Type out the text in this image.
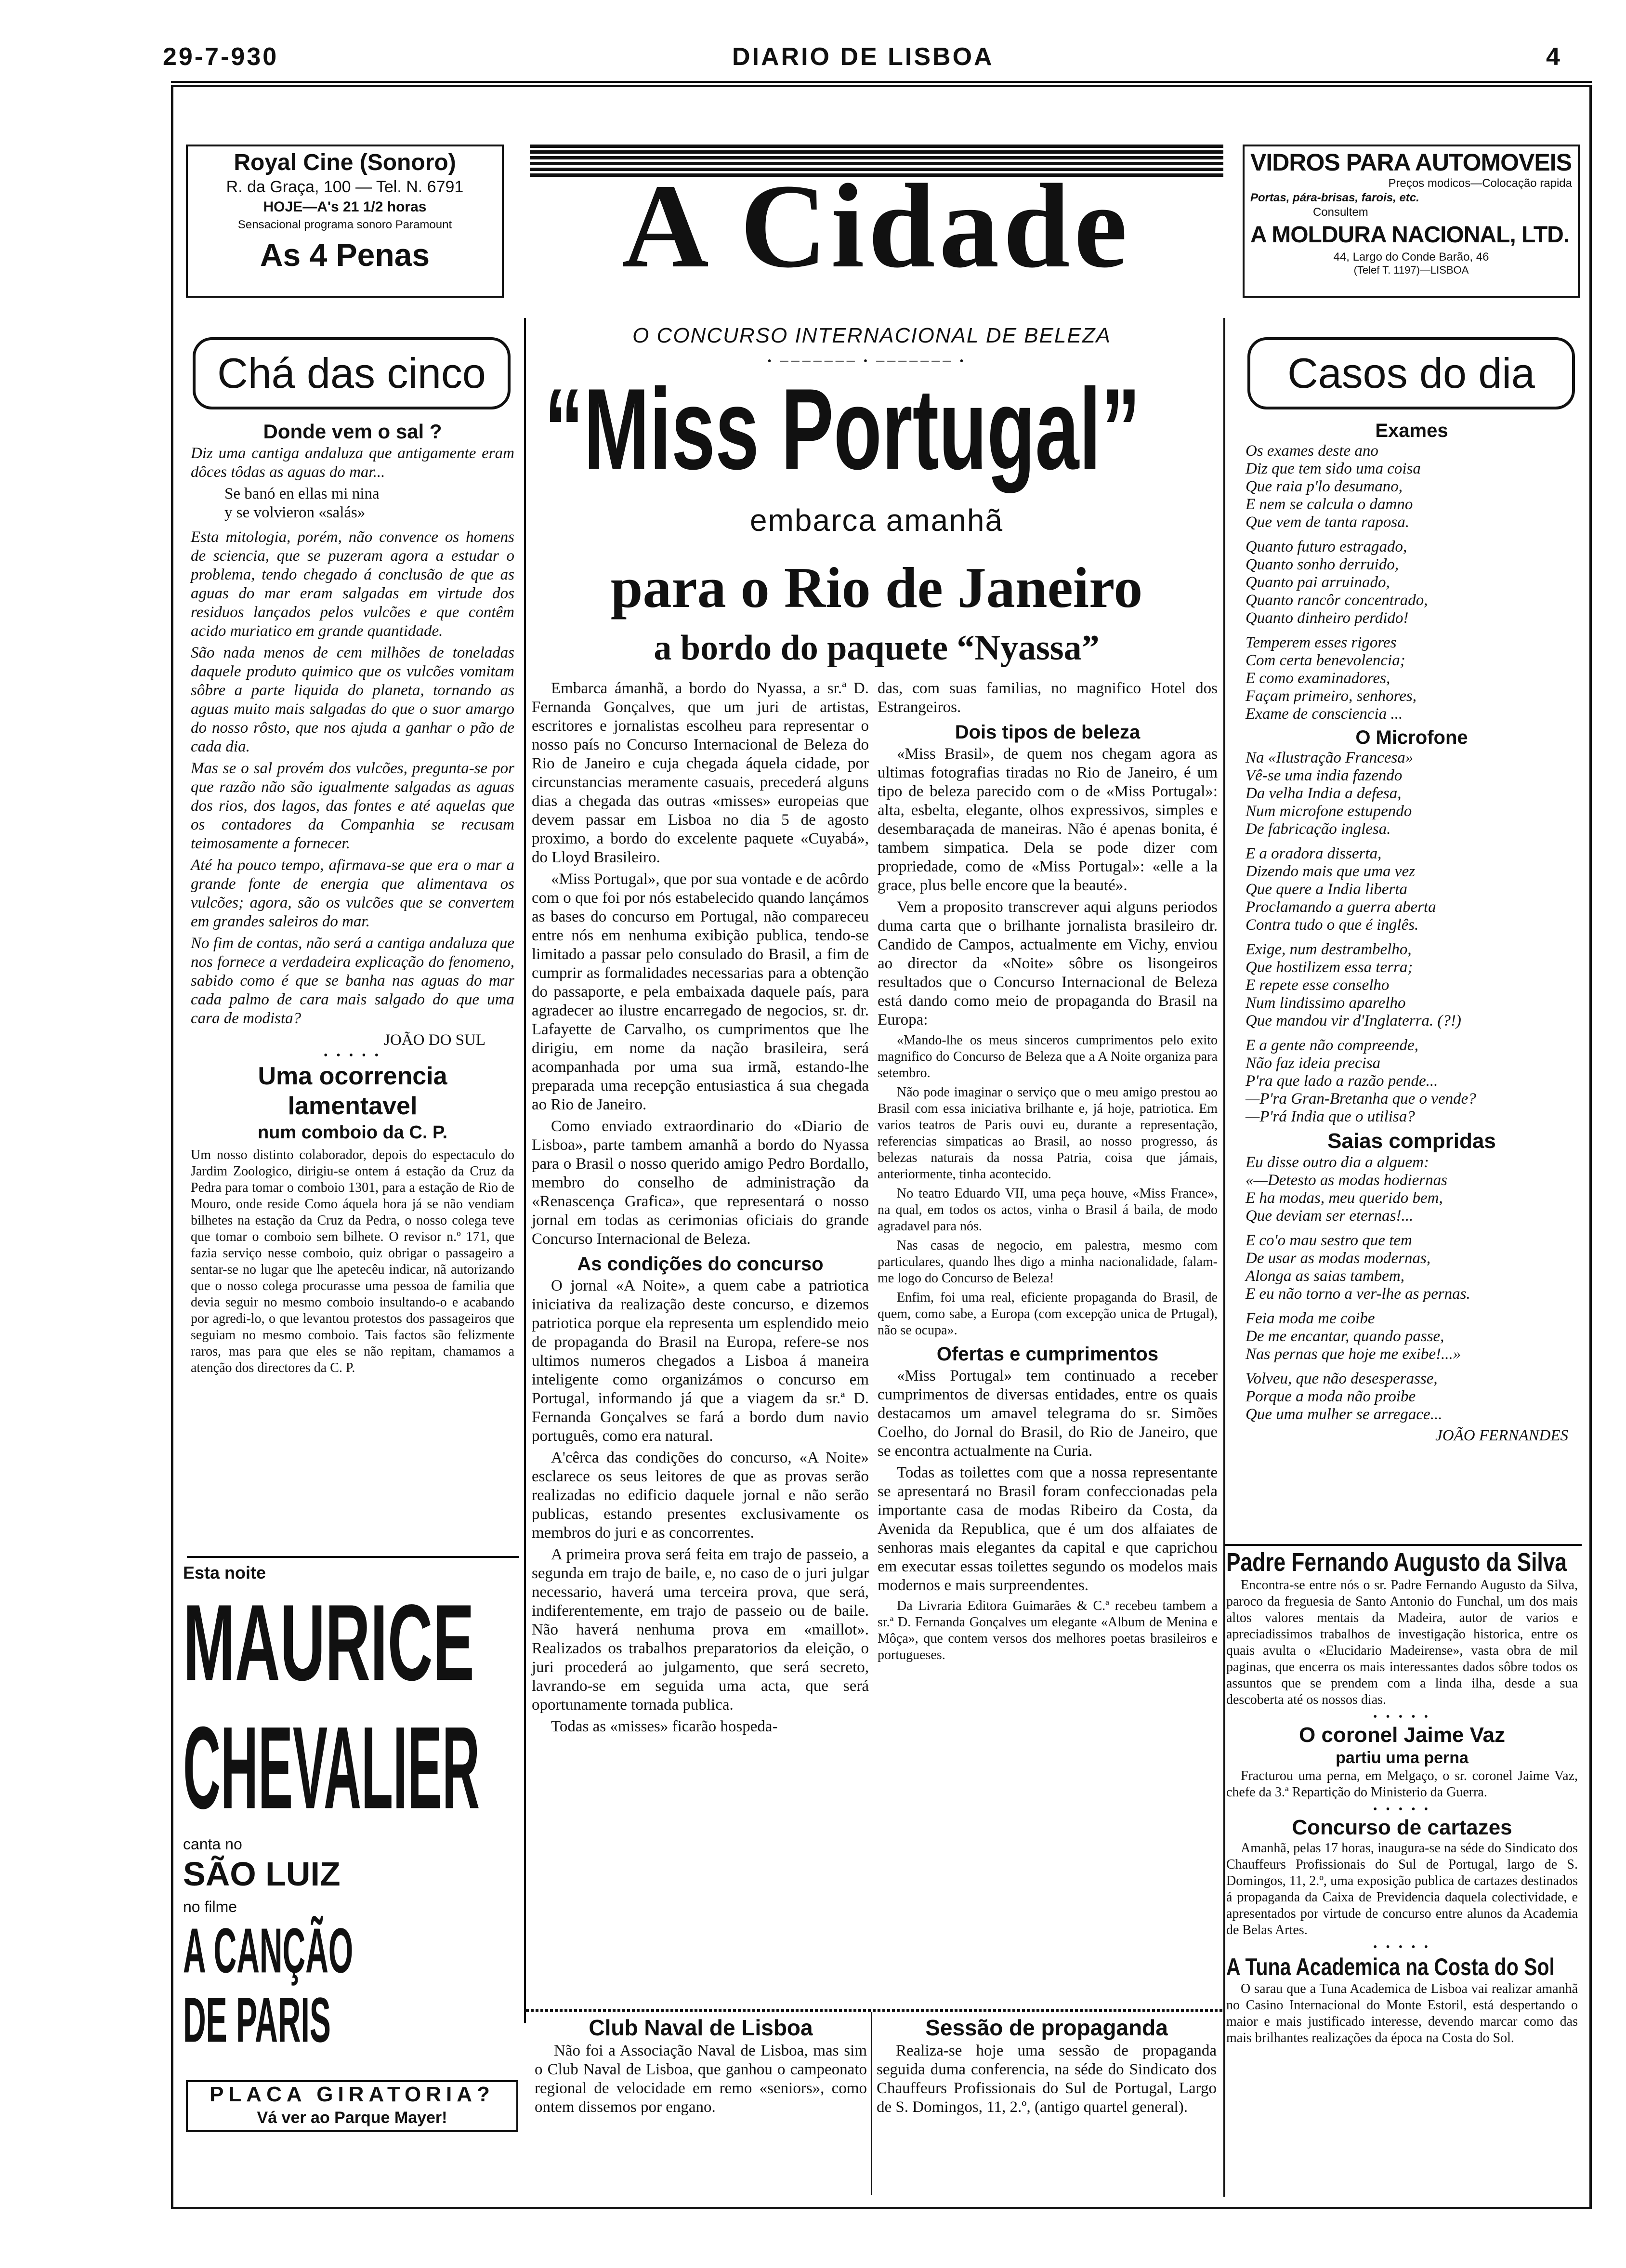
29-7-930	DIARIO DE LISBOA	4
Royal Cine (Sonoro)
R. da Graça, 100 — Tel. N. 6791
HOJE—A's 21 1/2 horas
Sensacional programa sonoro Paramount
As 4 Penas	A Cidade	VIDROS PARA AUTOMOVEIS
Preços modicos—Colocação rapida
Portas, pára-brisas, farois, etc.
Consultem
A MOLDURA NACIONAL, LTD.
44, Largo do Conde Barão, 46
(Telef T. 1197)—LISBOA
Chá das cinco
Donde vem o sal ?

Diz uma cantiga andaluza que antigamente eram dôces tôdas as aguas do mar...

Se banó en ellas mi nina
y se volvieron «salás»

Esta mitologia, porém, não convence os homens de sciencia, que se puzeram agora a estudar o problema, tendo chegado á conclusão de que as aguas do mar eram salgadas em virtude dos residuos lançados pelos vulcões e que contêm acido muriatico em grande quantidade.

São nada menos de cem milhões de toneladas daquele produto quimico que os vulcões vomitam sôbre a parte liquida do planeta, tornando as aguas muito mais salgadas do que o suor amargo do nosso rôsto, que nos ajuda a ganhar o pão de cada dia.

Mas se o sal provém dos vulcões, pregunta-se por que razão não são igualmente salgadas as aguas dos rios, dos lagos, das fontes e até aquelas que os contadores da Companhia se recusam teimosamente a fornecer.

Até ha pouco tempo, afirmava-se que era o mar a grande fonte de energia que alimentava os vulcões; agora, são os vulcões que se convertem em grandes saleiros do mar.

No fim de contas, não será a cantiga andaluza que nos fornece a verdadeira explicação do fenomeno, sabido como é que se banha nas aguas do mar cada palmo de cara mais salgado do que uma cara de modista?

JOÃO DO SUL
• • • • •
Uma ocorrencia lamentavel
num comboio da C. P.

Um nosso distinto colaborador, depois do espectaculo do Jardim Zoologico, dirigiu-se ontem á estação da Cruz da Pedra para tomar o comboio 1301, para a estação de Rio de Mouro, onde reside Como áquela hora já se não vendiam bilhetes na estação da Cruz da Pedra, o nosso colega teve que tomar o comboio sem bilhete. O revisor n.º 171, que fazia serviço nesse comboio, quiz obrigar o passageiro a sentar-se no lugar que lhe apetecêu indicar, nã autorizando que o nosso colega procurasse uma pessoa de familia que devia seguir no mesmo comboio insultando-o e acabando por agredi-lo, o que levantou protestos dos passageiros que seguiam no mesmo comboio. Tais factos são felizmente raros, mas para que eles se não repitam, chamamos a atenção dos directores da C. P.

Esta noite
MAURICE
CHEVALIER
canta no
SÃO LUIZ
no filme
A CANÇÃO DE PARIS
PLACA GIRATORIA?
Vá ver ao Parque Mayer!
O CONCURSO INTERNACIONAL DE BELEZA
• ─────── • ─────── •
“Miss Portugal”
embarca amanhã
para o Rio de Janeiro
a bordo do paquete “Nyassa”

Embarca ámanhã, a bordo do Nyassa, a sr.ª D. Fernanda Gonçalves, que um juri de artistas, escritores e jornalistas escolheu para representar o nosso país no Concurso Internacional de Beleza do Rio de Janeiro e cuja chegada áquela cidade, por circunstancias meramente casuais, precederá alguns dias a chegada das outras «misses» europeias que devem passar em Lisboa no dia 5 de agosto proximo, a bordo do excelente paquete «Cuyabá», do Lloyd Brasileiro.

«Miss Portugal», que por sua vontade e de acôrdo com o que foi por nós estabelecido quando lançámos as bases do concurso em Portugal, não compareceu entre nós em nenhuma exibição publica, tendo-se limitado a passar pelo consulado do Brasil, a fim de cumprir as formalidades necessarias para a obtenção do passaporte, e pela embaixada daquele país, para agradecer ao ilustre encarregado de negocios, sr. dr. Lafayette de Carvalho, os cumprimentos que lhe dirigiu, em nome da nação brasileira, será acompanhada por uma sua irmã, estando-lhe preparada uma recepção entusiastica á sua chegada ao Rio de Janeiro.

Como enviado extraordinario do «Diario de Lisboa», parte tambem amanhã a bordo do Nyassa para o Brasil o nosso querido amigo Pedro Bordallo, membro do conselho de administração da «Renascença Grafica», que representará o nosso jornal em todas as cerimonias oficiais do grande Concurso Internacional de Beleza.

As condições do concurso

O jornal «A Noite», a quem cabe a patriotica iniciativa da realização deste concurso, e dizemos patriotica porque ela representa um esplendido meio de propaganda do Brasil na Europa, refere-se nos ultimos numeros chegados a Lisboa á maneira inteligente como organizámos o concurso em Portugal, informando já que a viagem da sr.ª D. Fernanda Gonçalves se fará a bordo dum navio português, como era natural.

A'cêrca das condições do concurso, «A Noite» esclarece os seus leitores de que as provas serão realizadas no edificio daquele jornal e não serão publicas, estando presentes exclusivamente os membros do juri e as concorrentes.

A primeira prova será feita em trajo de passeio, a segunda em trajo de baile, e, no caso de o juri julgar necessario, haverá uma terceira prova, que será, indiferentemente, em trajo de passeio ou de baile. Não haverá nenhuma prova em «maillot». Realizados os trabalhos preparatorios da eleição, o juri procederá ao julgamento, que será secreto, lavrando-se em seguida uma acta, que será oportunamente tornada publica.

Todas as «misses» ficarão hospeda-

das, com suas familias, no magnifico Hotel dos Estrangeiros.

Dois tipos de beleza

«Miss Brasil», de quem nos chegam agora as ultimas fotografias tiradas no Rio de Janeiro, é um tipo de beleza parecido com o de «Miss Portugal»: alta, esbelta, elegante, olhos expressivos, simples e desembaraçada de maneiras. Não é apenas bonita, é tambem simpatica. Dela se pode dizer com propriedade, como de «Miss Portugal»: «elle a la grace, plus belle encore que la beauté».

Vem a proposito transcrever aqui alguns periodos duma carta que o brilhante jornalista brasileiro dr. Candido de Campos, actualmente em Vichy, enviou ao director da «Noite» sôbre os lisongeiros resultados que o Concurso Internacional de Beleza está dando como meio de propaganda do Brasil na Europa:

«Mando-lhe os meus sinceros cumprimentos pelo exito magnifico do Concurso de Beleza que a A Noite organiza para setembro.

Não pode imaginar o serviço que o meu amigo prestou ao Brasil com essa iniciativa brilhante e, já hoje, patriotica. Em varios teatros de Paris ouvi eu, durante a representação, referencias simpaticas ao Brasil, ao nosso progresso, ás belezas naturais da nossa Patria, coisa que jámais, anteriormente, tinha acontecido.

No teatro Eduardo VII, uma peça houve, «Miss France», na qual, em todos os actos, vinha o Brasil á baila, de modo agradavel para nós.

Nas casas de negocio, em palestra, mesmo com particulares, quando lhes digo a minha nacionalidade, falam-me logo do Concurso de Beleza!

Enfim, foi uma real, eficiente propaganda do Brasil, de quem, como sabe, a Europa (com excepção unica de Prtugal), não se ocupa».

Ofertas e cumprimentos

«Miss Portugal» tem continuado a receber cumprimentos de diversas entidades, entre os quais destacamos um amavel telegrama do sr. Simões Coelho, do Jornal do Brasil, do Rio de Janeiro, que se encontra actualmente na Curia.

Todas as toilettes com que a nossa representante se apresentará no Brasil foram confeccionadas pela importante casa de modas Ribeiro da Costa, da Avenida da Republica, que é um dos alfaiates de senhoras mais elegantes da capital e que caprichou em executar essas toilettes segundo os modelos mais modernos e mais surpreendentes.

Da Livraria Editora Guimarães & C.ª recebeu tambem a sr.ª D. Fernanda Gonçalves um elegante «Album de Menina e Môça», que contem versos dos melhores poetas brasileiros e portugueses.

Club Naval de Lisboa

Não foi a Associação Naval de Lisboa, mas sim o Club Naval de Lisboa, que ganhou o campeonato regional de velocidade em remo «seniors», como ontem dissemos por engano.

Sessão de propaganda

Realiza-se hoje uma sessão de propaganda seguida duma conferencia, na séde do Sindicato dos Chauffeurs Profissionais do Sul de Portugal, Largo de S. Domingos, 11, 2.º, (antigo quartel general).

Casos do dia
Exames
Os exames deste ano
Diz que tem sido uma coisa
Que raia p'lo desumano,
E nem se calcula o damno
Que vem de tanta raposa.
Quanto futuro estragado,
Quanto sonho derruido,
Quanto pai arruinado,
Quanto rancôr concentrado,
Quanto dinheiro perdido!
Temperem esses rigores
Com certa benevolencia;
E como examinadores,
Façam primeiro, senhores,
Exame de consciencia ...
O Microfone
Na «Ilustração Francesa»
Vê-se uma india fazendo
Da velha India a defesa,
Num microfone estupendo
De fabricação inglesa.
E a oradora disserta,
Dizendo mais que uma vez
Que quere a India liberta
Proclamando a guerra aberta
Contra tudo o que é inglês.
Exige, num destrambelho,
Que hostilizem essa terra;
E repete esse conselho
Num lindissimo aparelho
Que mandou vir d'Inglaterra. (?!)
E a gente não compreende,
Não faz ideia precisa
P'ra que lado a razão pende...
—P'ra Gran-Bretanha que o vende?
—P'rá India que o utilisa?
Saias compridas
Eu disse outro dia a alguem:
«—Detesto as modas hodiernas
E ha modas, meu querido bem,
Que deviam ser eternas!...
E co'o mau sestro que tem
De usar as modas modernas,
Alonga as saias tambem,
E eu não torno a ver-lhe as pernas.
Feia moda me coibe
De me encantar, quando passe,
Nas pernas que hoje me exibe!...»
Volveu, que não desesperasse,
Porque a moda não proibe
Que uma mulher se arregace...
JOÃO FERNANDES
Padre Fernando Augusto da Silva

Encontra-se entre nós o sr. Padre Fernando Augusto da Silva, paroco da freguesia de Santo Antonio do Funchal, um dos mais altos valores mentais da Madeira, autor de varios e apreciadissimos trabalhos de investigação historica, entre os quais avulta o «Elucidario Madeirense», vasta obra de mil paginas, que encerra os mais interessantes dados sôbre todos os assuntos que se prendem com a linda ilha, desde a sua descoberta até os nossos dias.

• • • • •
O coronel Jaime Vaz
partiu uma perna

Fracturou uma perna, em Melgaço, o sr. coronel Jaime Vaz, chefe da 3.ª Repartição do Ministerio da Guerra.

• • • • •
Concurso de cartazes

Amanhã, pelas 17 horas, inaugura-se na séde do Sindicato dos Chauffeurs Profissionais do Sul de Portugal, largo de S. Domingos, 11, 2.º, uma exposição publica de cartazes destinados á propaganda da Caixa de Previdencia daquela colectividade, e apresentados por virtude de concurso entre alunos da Academia de Belas Artes.

• • • • •
A Tuna Academica na Costa do Sol

O sarau que a Tuna Academica de Lisboa vai realizar amanhã no Casino Internacional do Monte Estoril, está despertando o maior e mais justificado interesse, devendo marcar como das mais brilhantes realizações da época na Costa do Sol.
